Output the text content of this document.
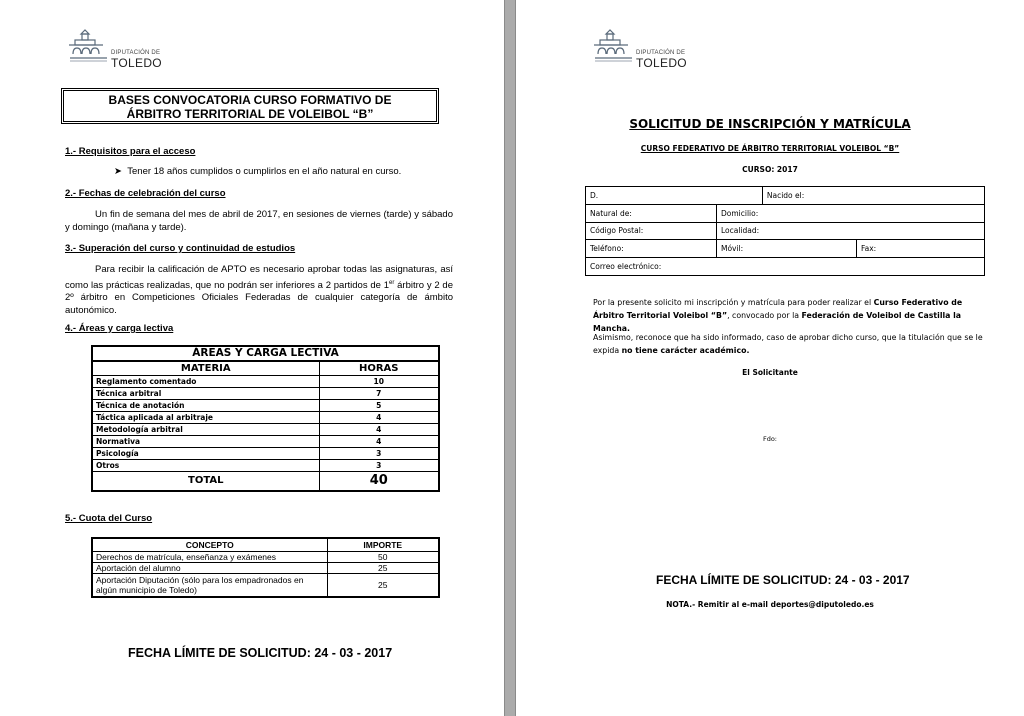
DIPUTACIÓN DE
TOLEDO
BASES CONVOCATORIA CURSO FORMATIVO DE
ÁRBITRO TERRITORIAL DE VOLEIBOL “B”
1.- Requisitos para el acceso
➤ Tener 18 años cumplidos o cumplirlos en el año natural en curso.
2.- Fechas de celebración del curso
Un fin de semana del mes de abril de 2017, en sesiones de viernes (tarde) y sábado y domingo (mañana y tarde).
3.- Superación del curso y continuidad de estudios
Para recibir la calificación de APTO es necesario aprobar todas las asignaturas, así como las prácticas realizadas, que no podrán ser inferiores a 2 partidos de 1er árbitro y 2 de 2º árbitro en Competiciones Oficiales Federadas de cualquier categoría de ámbito autonómico.
4.- Áreas y carga lectiva
ÁREAS Y CARGA LECTIVA	
MATERIA	HORAS
Reglamento comentado	10
Técnica arbitral	7
Técnica de anotación	5
Táctica aplicada al arbitraje	4
Metodología arbitral	4
Normativa	4
Psicología	3
Otros	3
TOTAL	40
5.- Cuota del Curso
CONCEPTO	IMPORTE
Derechos de matrícula, enseñanza y exámenes	50
Aportación del alumno	25
Aportación Diputación (sólo para los empadronados en algún municipio de Toledo)	25
FECHA LÍMITE DE SOLICITUD: 24 - 03 - 2017
DIPUTACIÓN DE
TOLEDO
SOLICITUD DE INSCRIPCIÓN Y MATRÍCULA
CURSO FEDERATIVO DE ÁRBITRO TERRITORIAL VOLEIBOL “B”
CURSO: 2017
D.		Nacido el:	
Natural de:	Domicilio:		
Código Postal:	Localidad:		
Teléfono:	Móvil:		Fax:
Correo electrónico:			
Por la presente solicito mi inscripción y matrícula para poder realizar el Curso Federativo de Árbitro Territorial Voleibol “B”, convocado por la Federación de Voleibol de Castilla la Mancha.
Asimismo, reconoce que ha sido informado, caso de aprobar dicho curso, que la titulación que se le expida no tiene carácter académico.
El Solicitante
Fdo:
FECHA LÍMITE DE SOLICITUD: 24 - 03 - 2017
NOTA.- Remitir al e-mail deportes@diputoledo.es
